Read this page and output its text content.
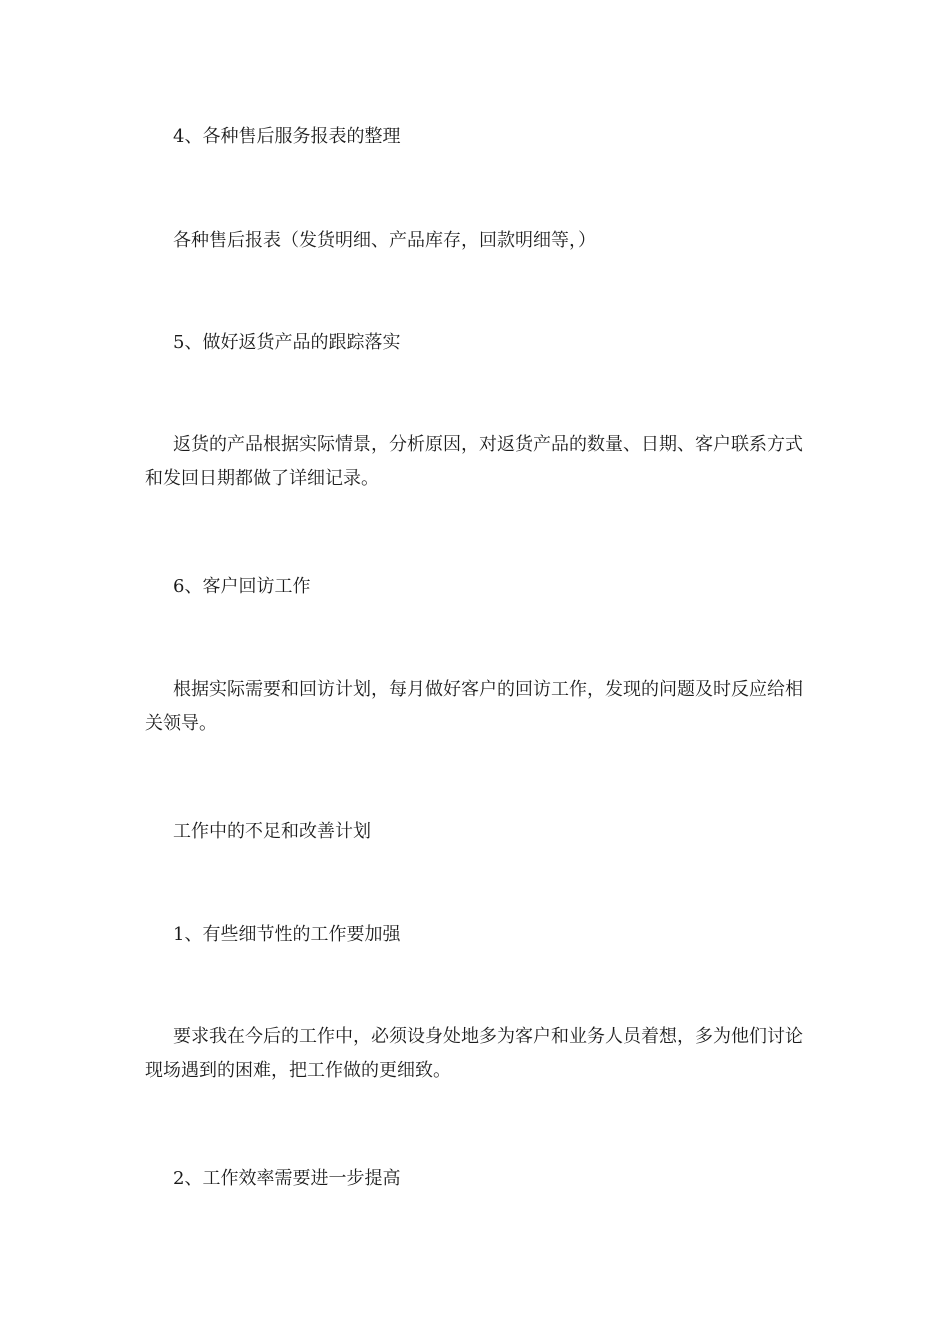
4、各种售后服务报表的整理

各种售后报表（发货明细、产品库存，回款明细等，）

5、做好返货产品的跟踪落实

返货的产品根据实际情景，分析原因，对返货产品的数量、日期、客户联系方式和发回日期都做了详细记录。

6、客户回访工作

根据实际需要和回访计划，每月做好客户的回访工作，发现的问题及时反应给相关领导。

工作中的不足和改善计划

1、有些细节性的工作要加强

要求我在今后的工作中，必须设身处地多为客户和业务人员着想，多为他们讨论现场遇到的困难，把工作做的更细致。

2、工作效率需要进一步提高
